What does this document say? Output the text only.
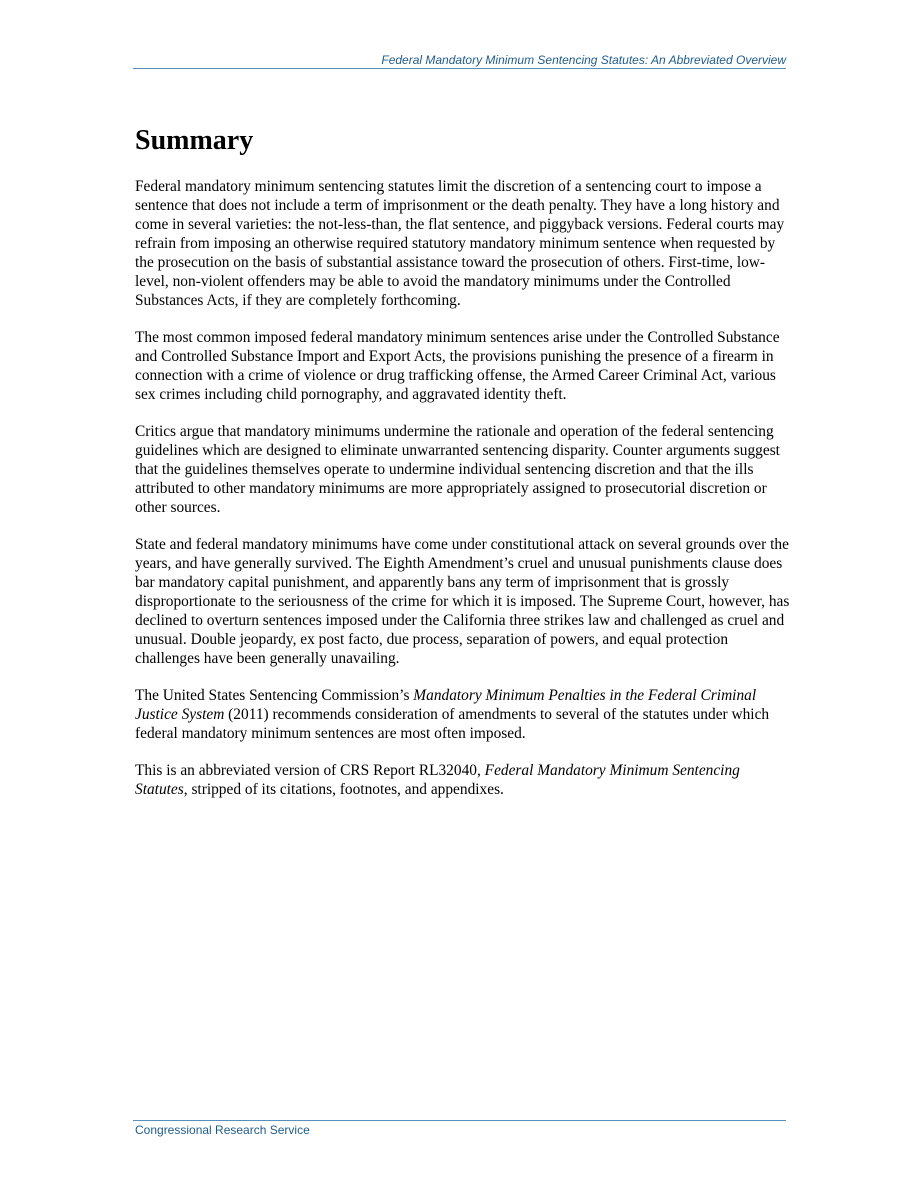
Federal Mandatory Minimum Sentencing Statutes: An Abbreviated Overview
Summary

Federal mandatory minimum sentencing statutes limit the discretion of a sentencing court to impose a sentence that does not include a term of imprisonment or the death penalty. They have a long history and come in several varieties: the not-less-than, the flat sentence, and piggyback versions. Federal courts may refrain from imposing an otherwise required statutory mandatory minimum sentence when requested by the prosecution on the basis of substantial assistance toward the prosecution of others. First-time, low-level, non-violent offenders may be able to avoid the mandatory minimums under the Controlled Substances Acts, if they are completely forthcoming.

The most common imposed federal mandatory minimum sentences arise under the Controlled Substance and Controlled Substance Import and Export Acts, the provisions punishing the presence of a firearm in connection with a crime of violence or drug trafficking offense, the Armed Career Criminal Act, various sex crimes including child pornography, and aggravated identity theft.

Critics argue that mandatory minimums undermine the rationale and operation of the federal sentencing guidelines which are designed to eliminate unwarranted sentencing disparity. Counter arguments suggest that the guidelines themselves operate to undermine individual sentencing discretion and that the ills attributed to other mandatory minimums are more appropriately assigned to prosecutorial discretion or other sources.

State and federal mandatory minimums have come under constitutional attack on several grounds over the years, and have generally survived. The Eighth Amendment’s cruel and unusual punishments clause does bar mandatory capital punishment, and apparently bans any term of imprisonment that is grossly disproportionate to the seriousness of the crime for which it is imposed. The Supreme Court, however, has declined to overturn sentences imposed under the California three strikes law and challenged as cruel and unusual. Double jeopardy, ex post facto, due process, separation of powers, and equal protection challenges have been generally unavailing.

The United States Sentencing Commission’s Mandatory Minimum Penalties in the Federal Criminal Justice System (2011) recommends consideration of amendments to several of the statutes under which federal mandatory minimum sentences are most often imposed.

This is an abbreviated version of CRS Report RL32040, Federal Mandatory Minimum Sentencing Statutes, stripped of its citations, footnotes, and appendixes.

Congressional Research Service
